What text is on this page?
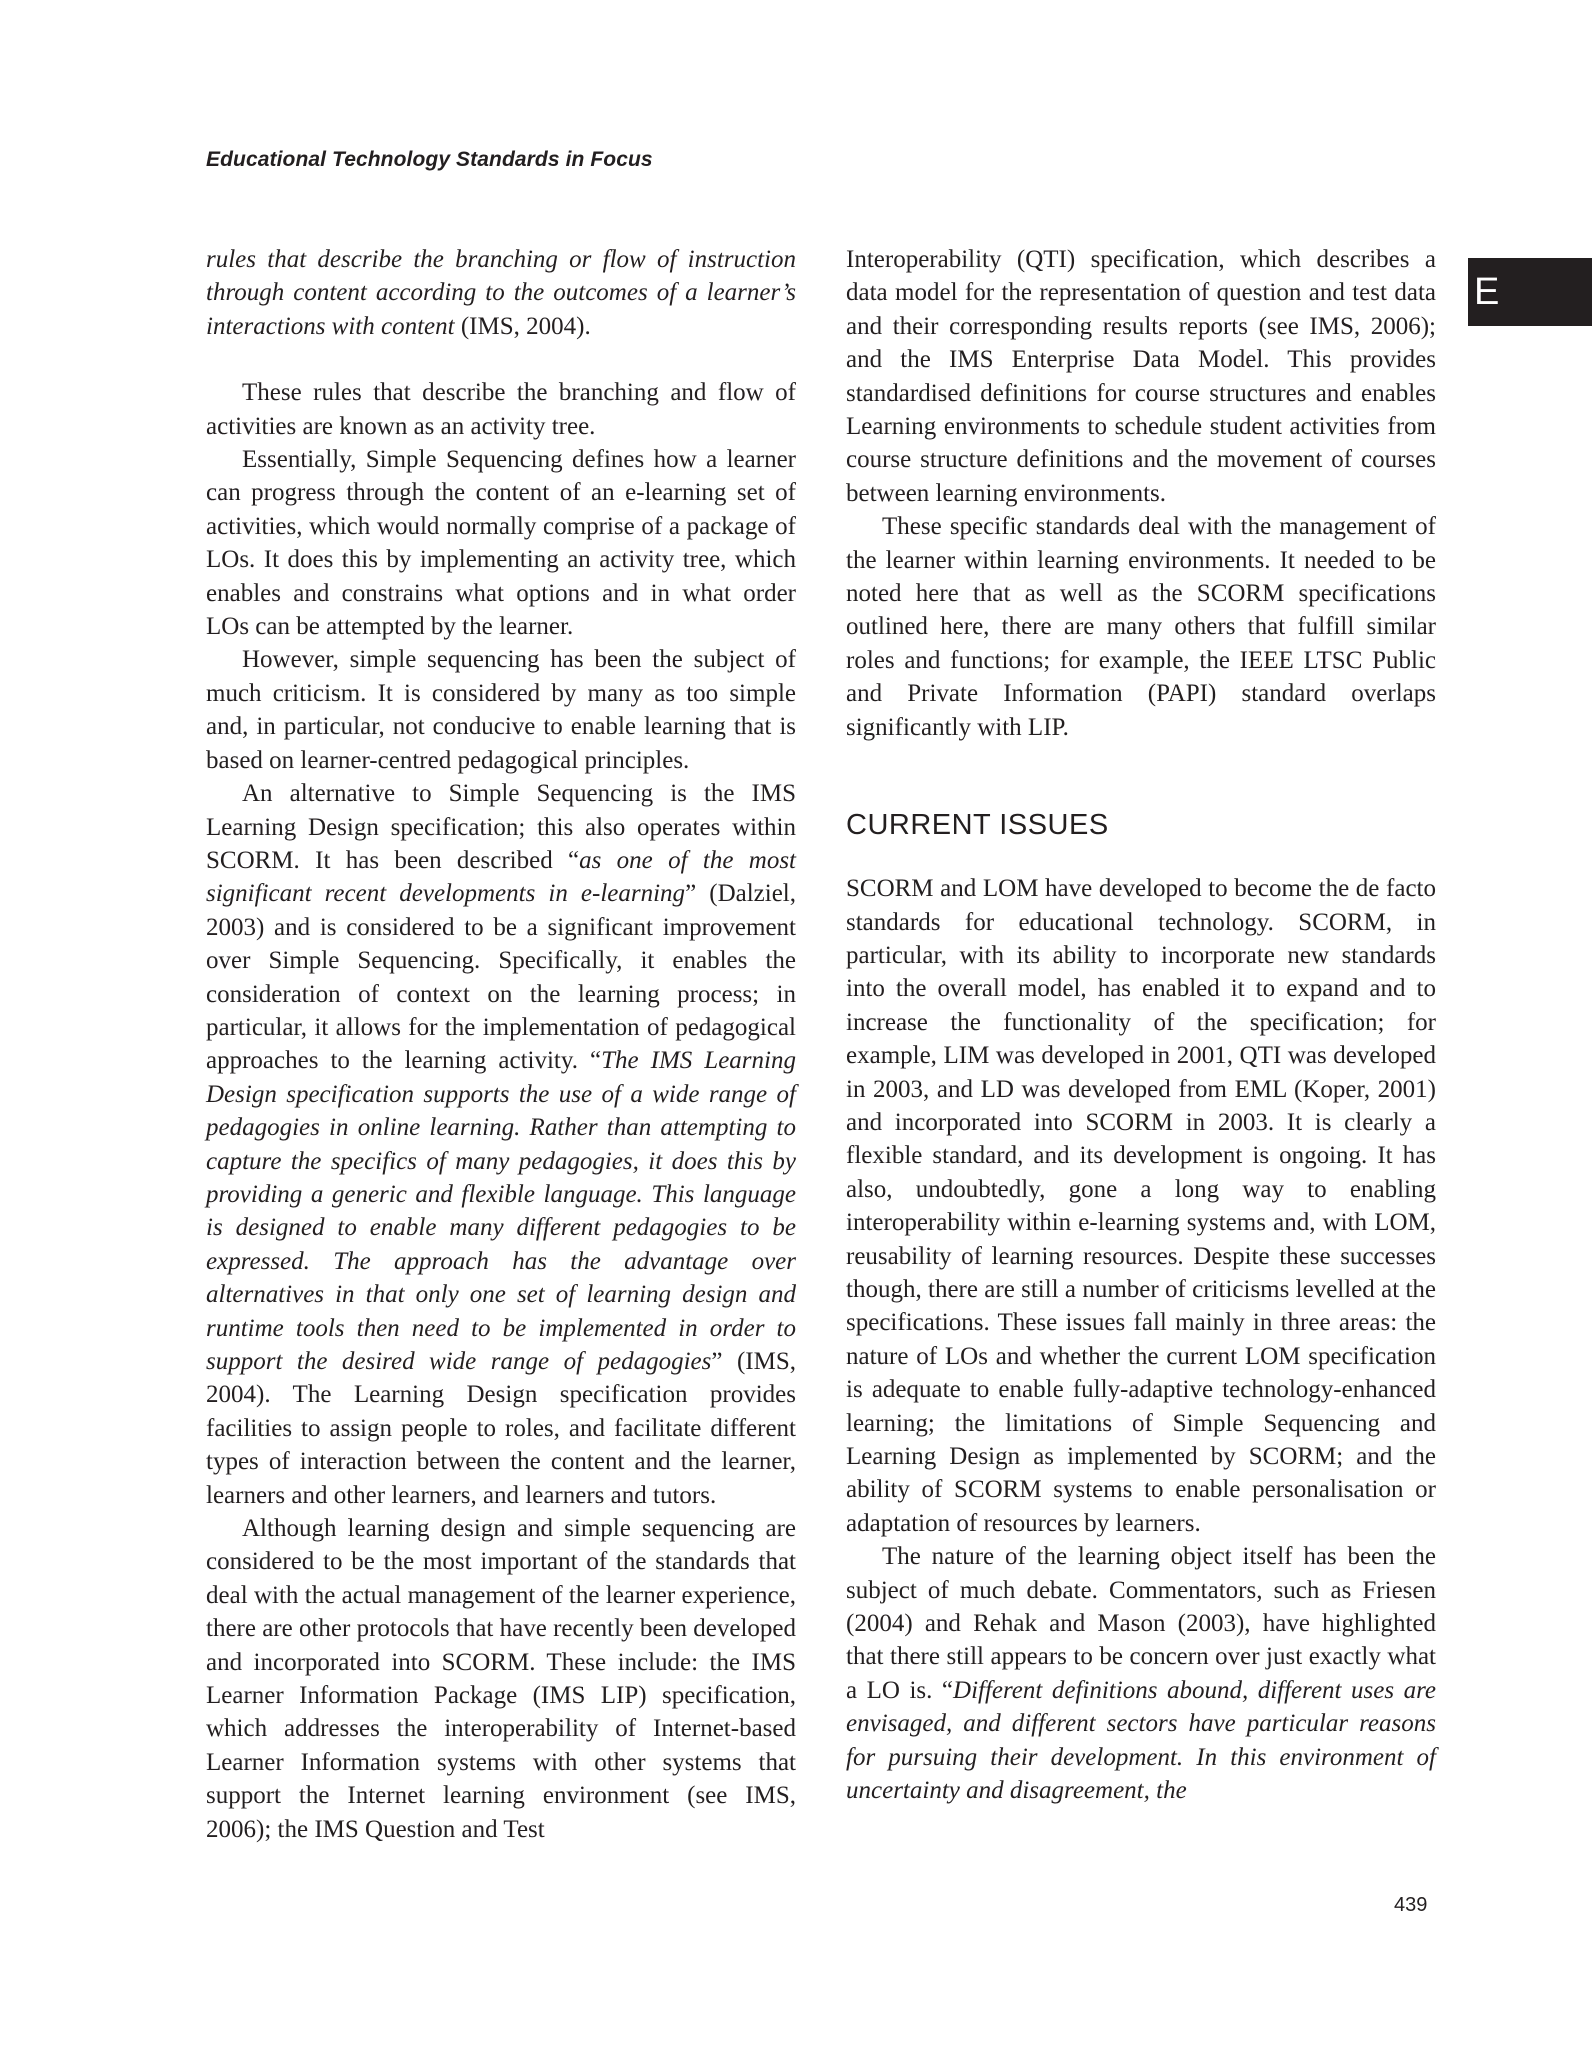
Educational Technology Standards in Focus
E

rules that describe the branching or flow of instruction through content according to the outcomes of a learner’s interactions with content (IMS, 2004).

These rules that describe the branching and flow of activities are known as an activity tree.

Essentially, Simple Sequencing defines how a learner can progress through the content of an e-learning set of activities, which would normally comprise of a package of LOs. It does this by implementing an activity tree, which enables and constrains what options and in what order LOs can be attempted by the learner.

However, simple sequencing has been the subject of much criticism. It is considered by many as too simple and, in particular, not conducive to enable learning that is based on learner-centred pedagogical principles.

An alternative to Simple Sequencing is the IMS Learning Design specification; this also operates within SCORM. It has been described “as one of the most significant recent developments in e-learning” (Dalziel, 2003) and is considered to be a significant improvement over Simple Sequencing. Specifically, it enables the consideration of context on the learning process; in particular, it allows for the implementation of pedagogical approaches to the learning activity. “The IMS Learning Design specification supports the use of a wide range of pedagogies in online learning. Rather than attempting to capture the specifics of many pedagogies, it does this by providing a generic and flexible language. This language is designed to enable many different pedagogies to be expressed. The approach has the advantage over alternatives in that only one set of learning design and runtime tools then need to be implemented in order to support the desired wide range of pedagogies” (IMS, 2004). The Learning Design specification provides facilities to assign people to roles, and facilitate different types of interaction between the content and the learner, learners and other learners, and learners and tutors.

Although learning design and simple sequencing are considered to be the most important of the standards that deal with the actual management of the learner experience, there are other protocols that have recently been developed and incorporated into SCORM. These include: the IMS Learner Information Package (IMS LIP) specification, which addresses the interoperability of Internet-based Learner Information systems with other systems that support the Internet learning environment (see IMS, 2006); the IMS Question and Test

Interoperability (QTI) specification, which describes a data model for the representation of question and test data and their corresponding results reports (see IMS, 2006); and the IMS Enterprise Data Model. This provides standardised definitions for course structures and enables Learning environments to schedule student activities from course structure definitions and the movement of courses between learning environments.

These specific standards deal with the management of the learner within learning environments. It needed to be noted here that as well as the SCORM specifications outlined here, there are many others that fulfill similar roles and functions; for example, the IEEE LTSC Public and Private Information (PAPI) standard overlaps significantly with LIP.

CURRENT ISSUES

SCORM and LOM have developed to become the de facto standards for educational technology. SCORM, in particular, with its ability to incorporate new standards into the overall model, has enabled it to expand and to increase the functionality of the specification; for example, LIM was developed in 2001, QTI was developed in 2003, and LD was developed from EML (Koper, 2001) and incorporated into SCORM in 2003. It is clearly a flexible standard, and its development is ongoing. It has also, undoubtedly, gone a long way to enabling interoperability within e-learning systems and, with LOM, reusability of learning resources. Despite these successes though, there are still a number of criticisms levelled at the specifications. These issues fall mainly in three areas: the nature of LOs and whether the current LOM specification is adequate to enable fully-adaptive technology-enhanced learning; the limitations of Simple Sequencing and Learning Design as implemented by SCORM; and the ability of SCORM systems to enable personalisation or adaptation of resources by learners.

The nature of the learning object itself has been the subject of much debate. Commentators, such as Friesen (2004) and Rehak and Mason (2003), have highlighted that there still appears to be concern over just exactly what a LO is. “Different definitions abound, different uses are envisaged, and different sectors have particular reasons for pursuing their development. In this environment of uncertainty and disagreement, the

439
